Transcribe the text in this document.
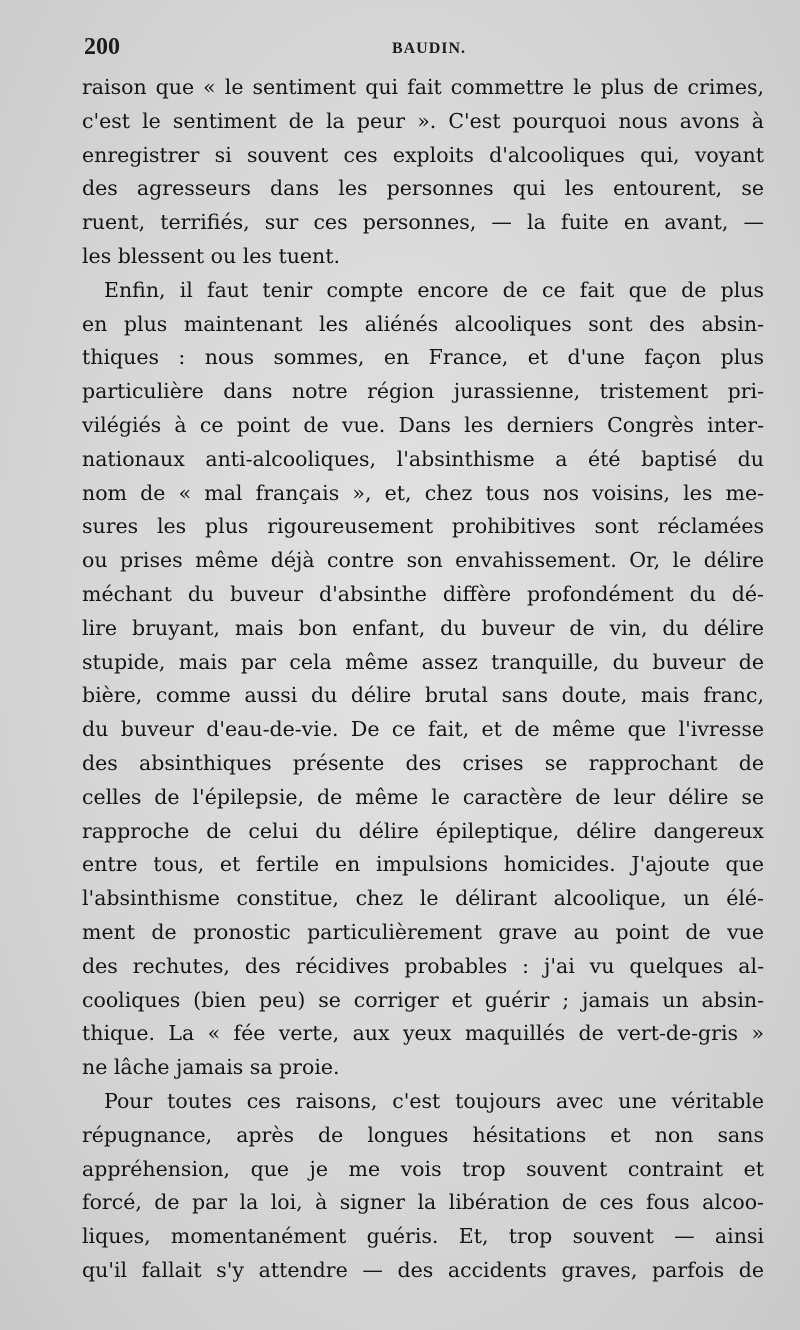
200	BAUDIN.
raison que « le sentiment qui fait commettre le plus de crimes,
c'est le sentiment de la peur ». C'est pourquoi nous avons à
enregistrer si souvent ces exploits d'alcooliques qui, voyant
des agresseurs dans les personnes qui les entourent, se
ruent, terrifiés, sur ces personnes, — la fuite en avant, —
les blessent ou les tuent.
Enfin, il faut tenir compte encore de ce fait que de plus
en plus maintenant les aliénés alcooliques sont des absin-
thiques : nous sommes, en France, et d'une façon plus
particulière dans notre région jurassienne, tristement pri-
vilégiés à ce point de vue. Dans les derniers Congrès inter-
nationaux anti-alcooliques, l'absinthisme a été baptisé du
nom de « mal français », et, chez tous nos voisins, les me-
sures les plus rigoureusement prohibitives sont réclamées
ou prises même déjà contre son envahissement. Or, le délire
méchant du buveur d'absinthe diffère profondément du dé-
lire bruyant, mais bon enfant, du buveur de vin, du délire
stupide, mais par cela même assez tranquille, du buveur de
bière, comme aussi du délire brutal sans doute, mais franc,
du buveur d'eau-de-vie. De ce fait, et de même que l'ivresse
des absinthiques présente des crises se rapprochant de
celles de l'épilepsie, de même le caractère de leur délire se
rapproche de celui du délire épileptique, délire dangereux
entre tous, et fertile en impulsions homicides. J'ajoute que
l'absinthisme constitue, chez le délirant alcoolique, un élé-
ment de pronostic particulièrement grave au point de vue
des rechutes, des récidives probables : j'ai vu quelques al-
cooliques (bien peu) se corriger et guérir ; jamais un absin-
thique. La « fée verte, aux yeux maquillés de vert-de-gris »
ne lâche jamais sa proie.
Pour toutes ces raisons, c'est toujours avec une véritable
répugnance, après de longues hésitations et non sans
appréhension, que je me vois trop souvent contraint et
forcé, de par la loi, à signer la libération de ces fous alcoo-
liques, momentanément guéris. Et, trop souvent — ainsi
qu'il fallait s'y attendre — des accidents graves, parfois de
